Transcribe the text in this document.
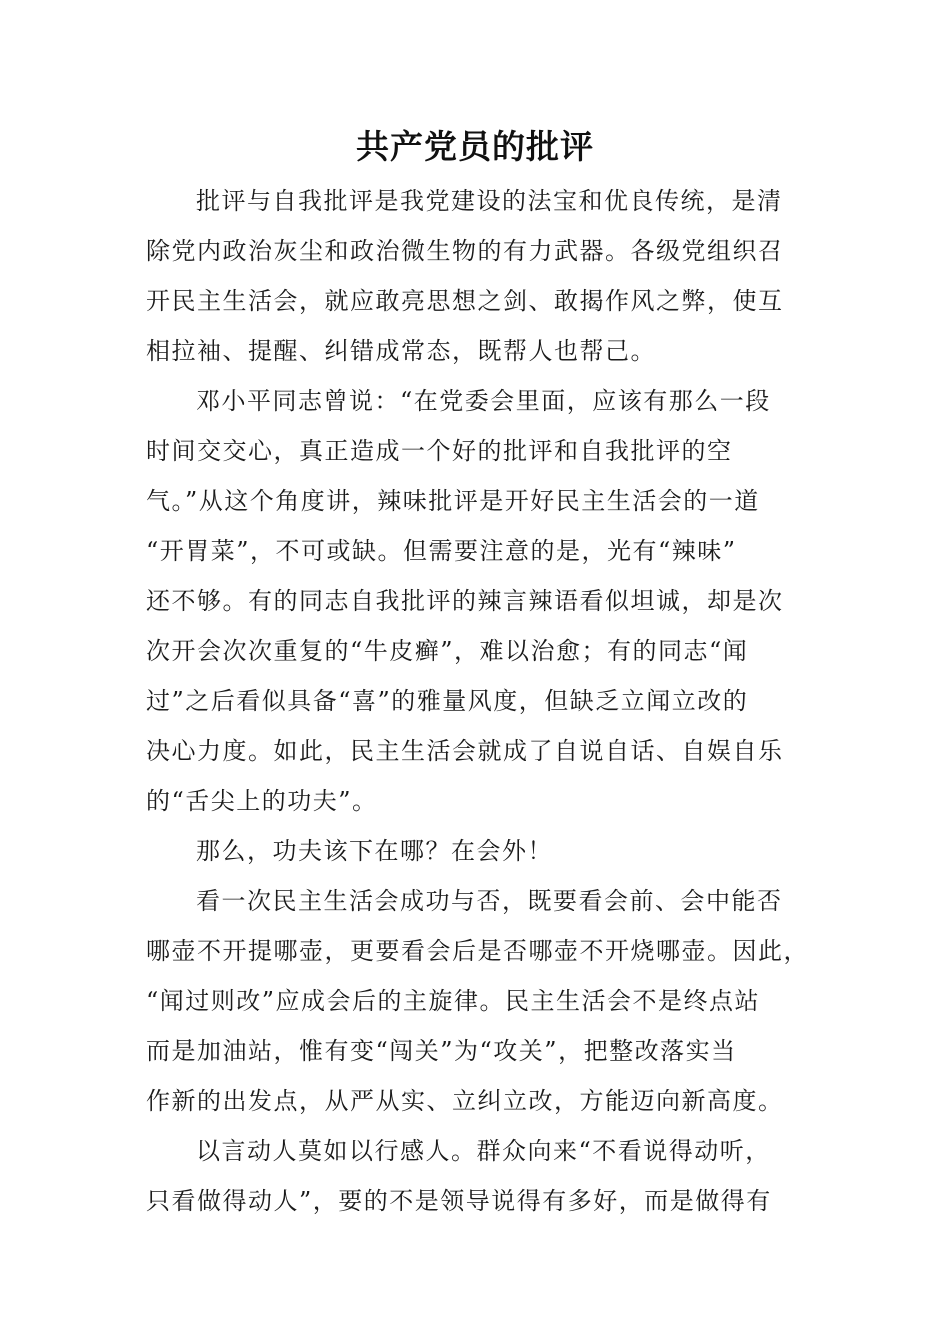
共产党员的批评
批评与自我批评是我党建设的法宝和优良传统，是清
除党内政治灰尘和政治微生物的有力武器。各级党组织召
开民主生活会，就应敢亮思想之剑、敢揭作风之弊，使互
相拉袖、提醒、纠错成常态，既帮人也帮己。
邓小平同志曾说：“在党委会里面，应该有那么一段
时间交交心，真正造成一个好的批评和自我批评的空
气。”从这个角度讲，辣味批评是开好民主生活会的一道
“开胃菜”，不可或缺。但需要注意的是，光有“辣味”
还不够。有的同志自我批评的辣言辣语看似坦诚，却是次
次开会次次重复的“牛皮癣”，难以治愈；有的同志“闻
过”之后看似具备“喜”的雅量风度，但缺乏立闻立改的
决心力度。如此，民主生活会就成了自说自话、自娱自乐
的“舌尖上的功夫”。
那么，功夫该下在哪？在会外！
看一次民主生活会成功与否，既要看会前、会中能否
哪壶不开提哪壶，更要看会后是否哪壶不开烧哪壶。因此，
“闻过则改”应成会后的主旋律。民主生活会不是终点站
而是加油站，惟有变“闯关”为“攻关”，把整改落实当
作新的出发点，从严从实、立纠立改，方能迈向新高度。
以言动人莫如以行感人。群众向来“不看说得动听，
只看做得动人”，要的不是领导说得有多好，而是做得有
